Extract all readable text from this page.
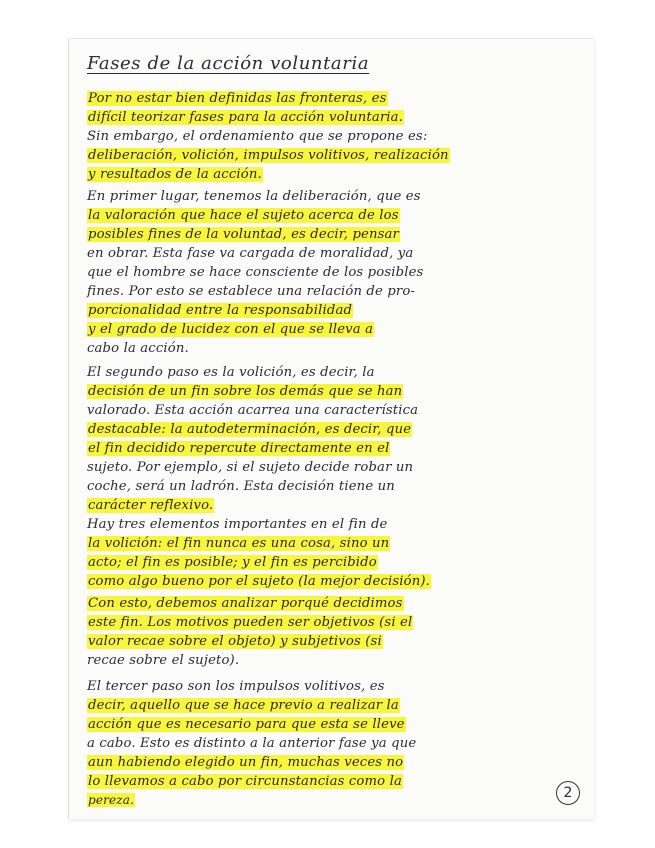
Fases de la acción voluntaria
Por no estar bien definidas las fronteras, es
difícil teorizar fases para la acción voluntaria.
Sin embargo, el ordenamiento que se propone es:
deliberación, volición, impulsos volitivos, realización
y resultados de la acción.
En primer lugar, tenemos la deliberación, que es
la valoración que hace el sujeto acerca de los
posibles fines de la voluntad, es decir, pensar
en obrar. Esta fase va cargada de moralidad, ya
que el hombre se hace consciente de los posibles
fines. Por esto se establece una relación de pro-
porcionalidad entre la responsabilidad
y el grado de lucidez con el que se lleva a
cabo la acción.
El segundo paso es la volición, es decir, la
decisión de un fin sobre los demás que se han
valorado. Esta acción acarrea una característica
destacable: la autodeterminación, es decir, que
el fin decidido repercute directamente en el
sujeto. Por ejemplo, si el sujeto decide robar un
coche, será un ladrón. Esta decisión tiene un
carácter reflexivo.
Hay tres elementos importantes en el fin de
la volición: el fin nunca es una cosa, sino un
acto; el fin es posible; y el fin es percibido
como algo bueno por el sujeto (la mejor decisión).
Con esto, debemos analizar porqué decidimos
este fin. Los motivos pueden ser objetivos (si el
valor recae sobre el objeto) y subjetivos (si
recae sobre el sujeto).
El tercer paso son los impulsos volitivos, es
decir, aquello que se hace previo a realizar la
acción que es necesario para que esta se lleve
a cabo. Esto es distinto a la anterior fase ya que
aun habiendo elegido un fin, muchas veces no
lo llevamos a cabo por circunstancias como la
pereza.	2
